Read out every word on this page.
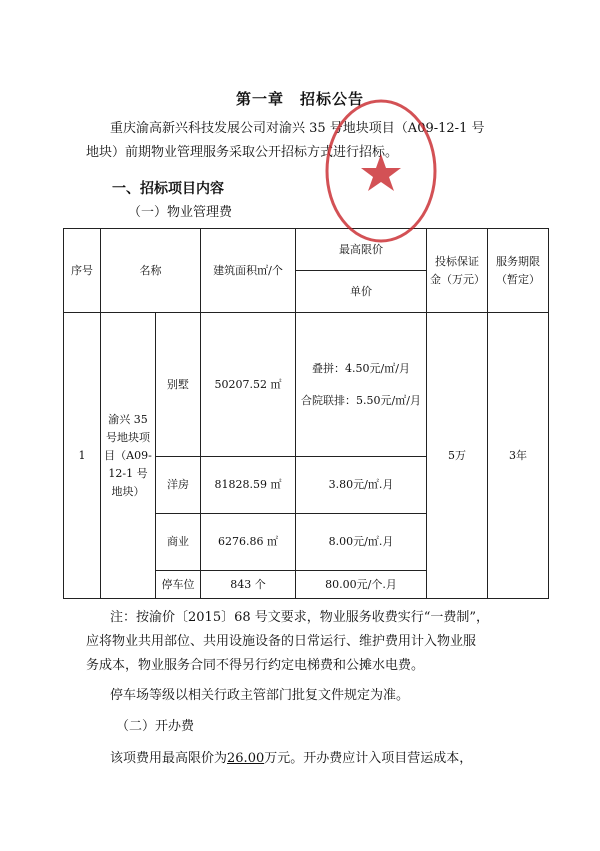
第一章　招标公告
重庆渝高新兴科技发展公司对渝兴 35 号地块项目（A09-12-1 号
地块）前期物业管理服务采取公开招标方式进行招标。
一、招标项目内容
（一）物业管理费
序号	名称		建筑面积㎡/个	最高限价	投标保证金（万元）	服务期限（暂定）
				单价		
1	渝兴 35 号地块项目（A09-12-1 号地块）	别墅	50207.52 ㎡	叠拼：4.50元/㎡/月
合院联排：5.50元/㎡/月	5万	3年
		洋房	81828.59 ㎡	3.80元/㎡.月		
		商业	6276.86 ㎡	8.00元/㎡.月		
		停车位	843 个	80.00元/个.月		
注：按渝价〔2015〕68 号文要求，物业服务收费实行“一费制”，
应将物业共用部位、共用设施设备的日常运行、维护费用计入物业服
务成本，物业服务合同不得另行约定电梯费和公摊水电费。
停车场等级以相关行政主管部门批复文件规定为准。
（二）开办费
该项费用最高限价为26.00万元。开办费应计入项目营运成本，
